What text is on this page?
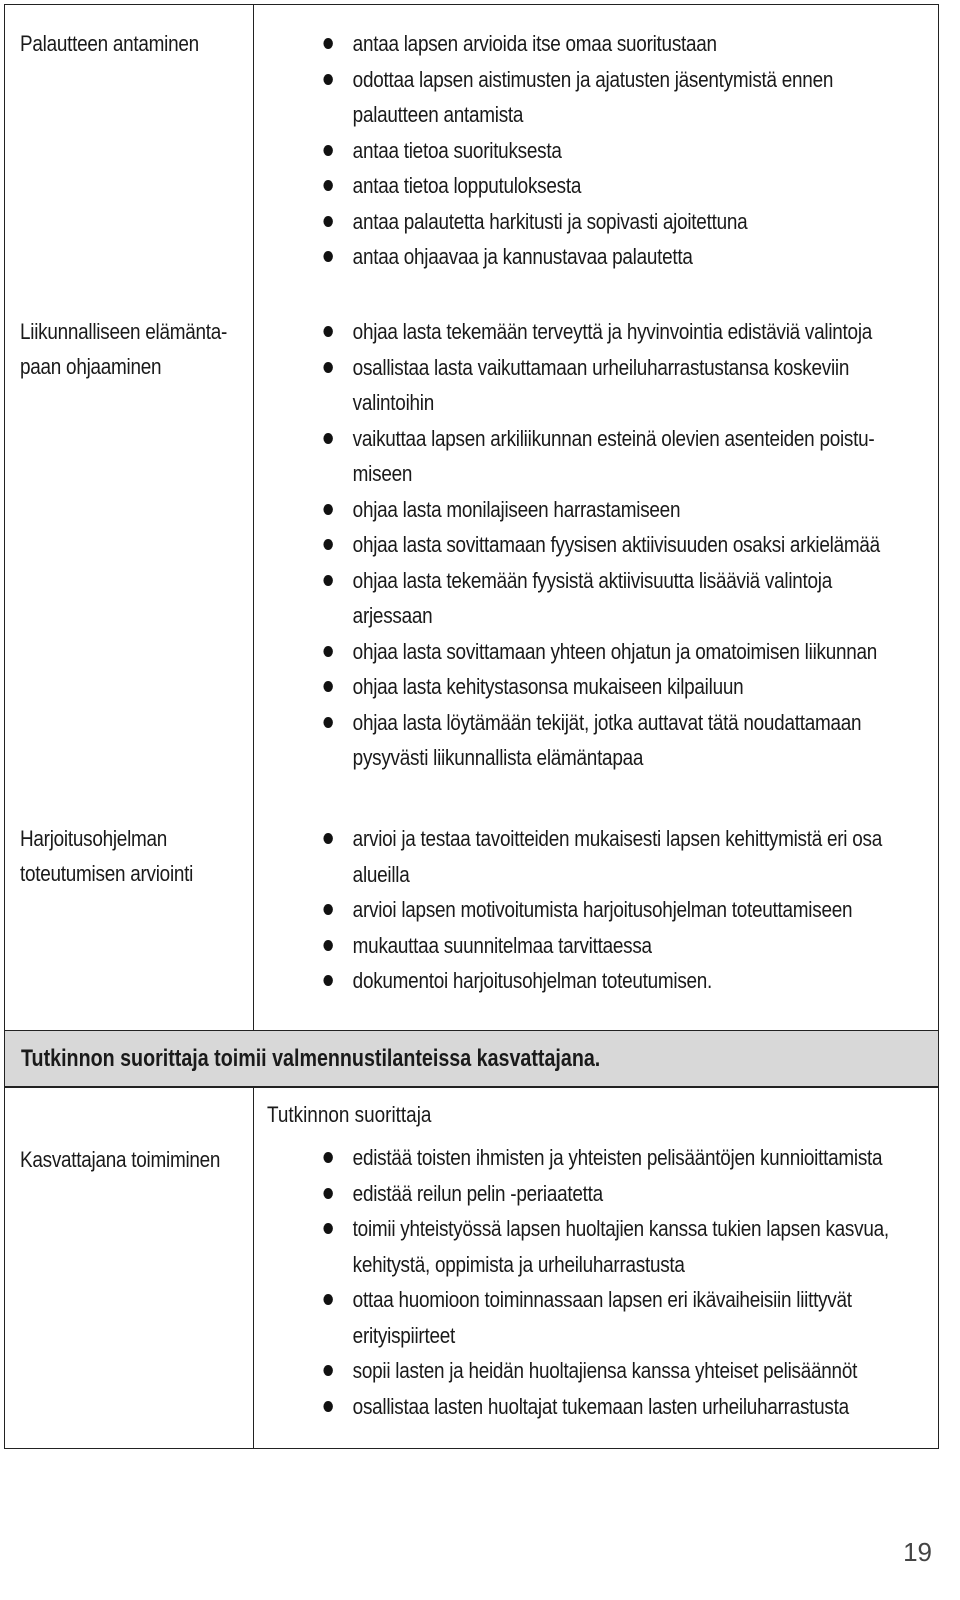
Palautteen antaminen	antaa lapsen arvioida itse omaa suoritustaan
odottaa lapsen aistimusten ja ajatusten jäsentymistä ennen palautteen antamista
antaa tietoa suorituksesta
antaa tietoa lopputuloksesta
antaa palautetta harkitusti ja sopivasti ajoitettuna
antaa ohjaavaa ja kannustavaa palautetta
Liikunnalliseen elämänta-
paan ohjaaminen
ohjaa lasta tekemään terveyttä ja hyvinvointia edistäviä valintoja
osallistaa lasta vaikuttamaan urheiluharrastustansa koskeviin valintoihin
vaikuttaa lapsen arkiliikunnan esteinä olevien asenteiden poistu-
miseen
ohjaa lasta monilajiseen harrastamiseen
ohjaa lasta sovittamaan fyysisen aktiivisuuden osaksi arkielämää
ohjaa lasta tekemään fyysistä aktiivisuutta lisääviä valintoja arjessaan
ohjaa lasta sovittamaan yhteen ohjatun ja omatoimisen liikunnan
ohjaa lasta kehitystasonsa mukaiseen kilpailuun
ohjaa lasta löytämään tekijät, jotka auttavat tätä noudattamaan pysyvästi liikunnallista elämäntapaa
Harjoitusohjelman
toteutumisen arviointi
arvioi ja testaa tavoitteiden mukaisesti lapsen kehittymistä eri osa alueilla
arvioi lapsen motivoitumista harjoitusohjelman toteuttamiseen
mukauttaa suunnitelmaa tarvittaessa
dokumentoi harjoitusohjelman toteutumisen.
Tutkinnon suorittaja toimii valmennustilanteissa kasvattajana.
Tutkinnon suorittaja
Kasvattajana toimiminen	edistää toisten ihmisten ja yhteisten pelisääntöjen kunnioittamista
edistää reilun pelin -periaatetta
toimii yhteistyössä lapsen huoltajien kanssa tukien lapsen kasvua, kehitystä, oppimista ja urheiluharrastusta
ottaa huomioon toiminnassaan lapsen eri ikävaiheisiin liittyvät erityispiirteet
sopii lasten ja heidän huoltajiensa kanssa yhteiset pelisäännöt
osallistaa lasten huoltajat tukemaan lasten urheiluharrastusta
19
